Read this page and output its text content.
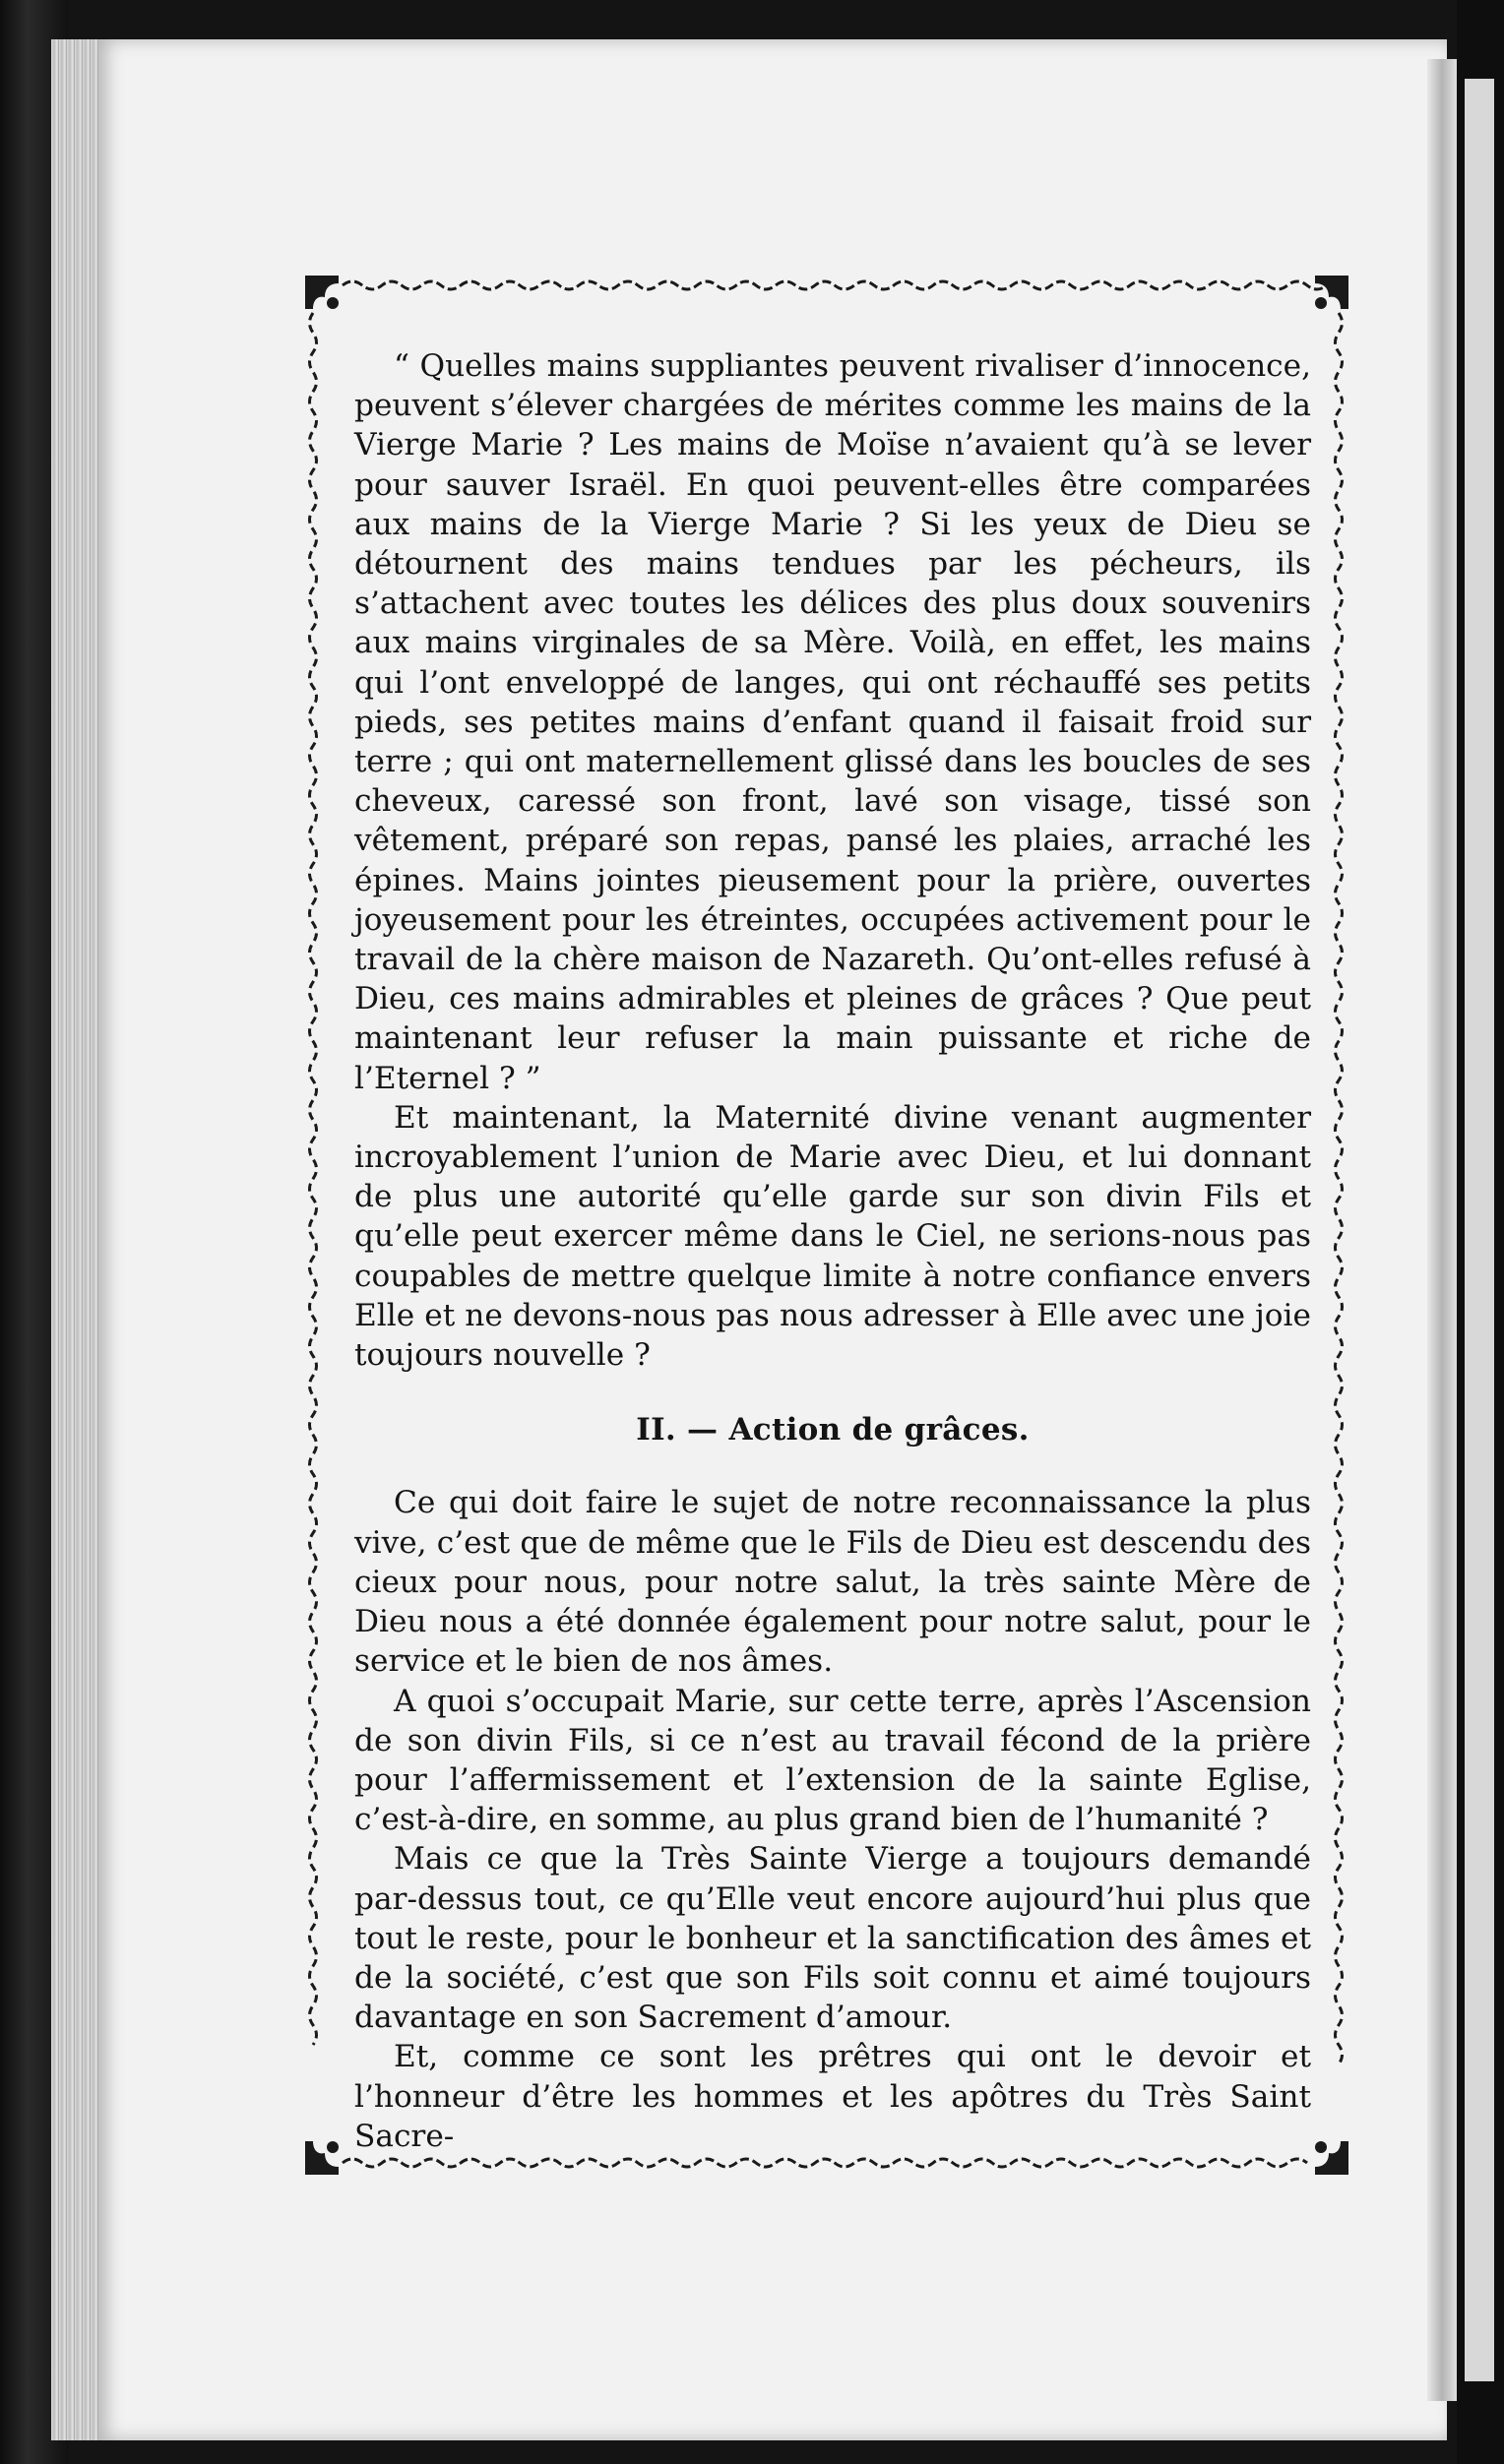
“ Quelles mains suppliantes peuvent rivaliser d’innocence, peuvent s’élever chargées de mérites comme les mains de la Vierge Marie ? Les mains de Moïse n’avaient qu’à se lever pour sauver Israël. En quoi peuvent-elles être comparées aux mains de la Vierge Marie ? Si les yeux de Dieu se détournent des mains tendues par les pécheurs, ils s’attachent avec toutes les délices des plus doux souvenirs aux mains virginales de sa Mère. Voilà, en effet, les mains qui l’ont enveloppé de langes, qui ont réchauffé ses petits pieds, ses petites mains d’enfant quand il faisait froid sur terre ; qui ont maternellement glissé dans les boucles de ses cheveux, caressé son front, lavé son visage, tissé son vêtement, préparé son repas, pansé les plaies, arraché les épines. Mains jointes pieusement pour la prière, ouvertes joyeusement pour les étreintes, occupées activement pour le travail de la chère maison de Nazareth. Qu’ont-elles refusé à Dieu, ces mains admirables et pleines de grâces ? Que peut maintenant leur refuser la main puissante et riche de l’Eternel ? ”

Et maintenant, la Maternité divine venant augmenter incroyablement l’union de Marie avec Dieu, et lui donnant de plus une autorité qu’elle garde sur son divin Fils et qu’elle peut exercer même dans le Ciel, ne serions-nous pas coupables de mettre quelque limite à notre confiance envers Elle et ne devons-nous pas nous adresser à Elle avec une joie toujours nouvelle ?

II. — Action de grâces.

Ce qui doit faire le sujet de notre reconnaissance la plus vive, c’est que de même que le Fils de Dieu est descendu des cieux pour nous, pour notre salut, la très sainte Mère de Dieu nous a été donnée également pour notre salut, pour le service et le bien de nos âmes.

A quoi s’occupait Marie, sur cette terre, après l’Ascension de son divin Fils, si ce n’est au travail fécond de la prière pour l’affermissement et l’extension de la sainte Eglise, c’est-à-dire, en somme, au plus grand bien de l’humanité ?

Mais ce que la Très Sainte Vierge a toujours demandé par-dessus tout, ce qu’Elle veut encore aujourd’hui plus que tout le reste, pour le bonheur et la sanctification des âmes et de la société, c’est que son Fils soit connu et aimé toujours davantage en son Sacrement d’amour.

Et, comme ce sont les prêtres qui ont le devoir et l’honneur d’être les hommes et les apôtres du Très Saint Sacre-
